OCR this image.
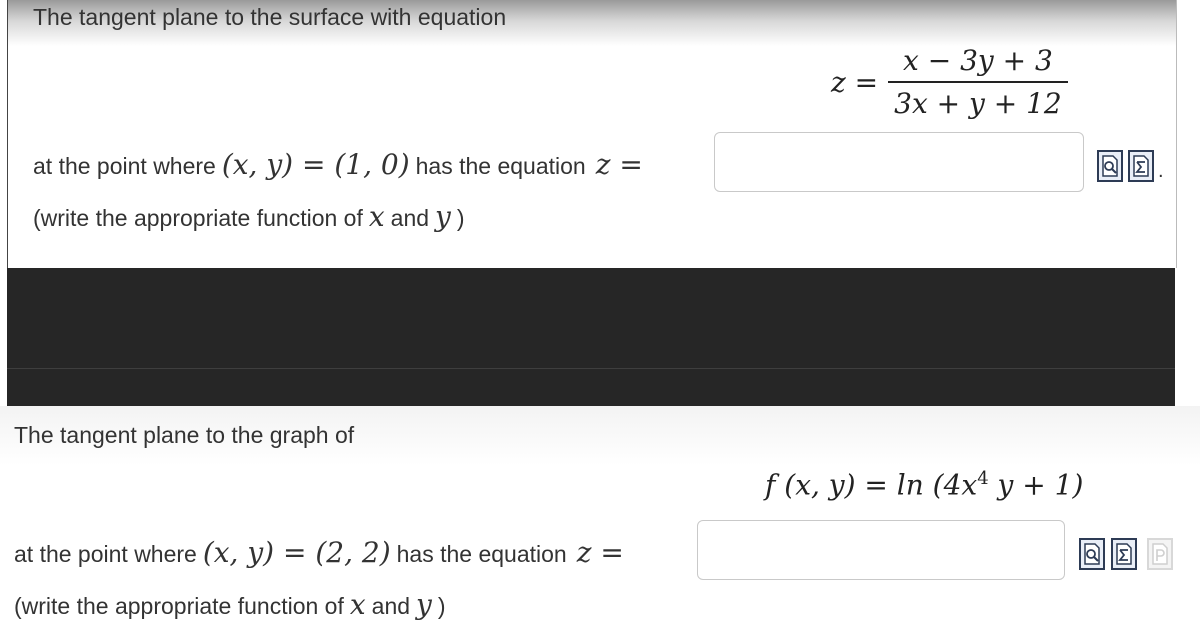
The tangent plane to the surface with equation
$z = \frac{x - 3y + 3}{3x + y + 12}$
at the point where (x, y) = (1, 0) has the equation z =	.
(write the appropriate function of x and y )
The tangent plane to the graph of
f (x, $y) = \ln (4x^4$ y + 1)
at the point where (x, y) = (2, 2) has the equation z =
(write the appropriate function of x and y )
